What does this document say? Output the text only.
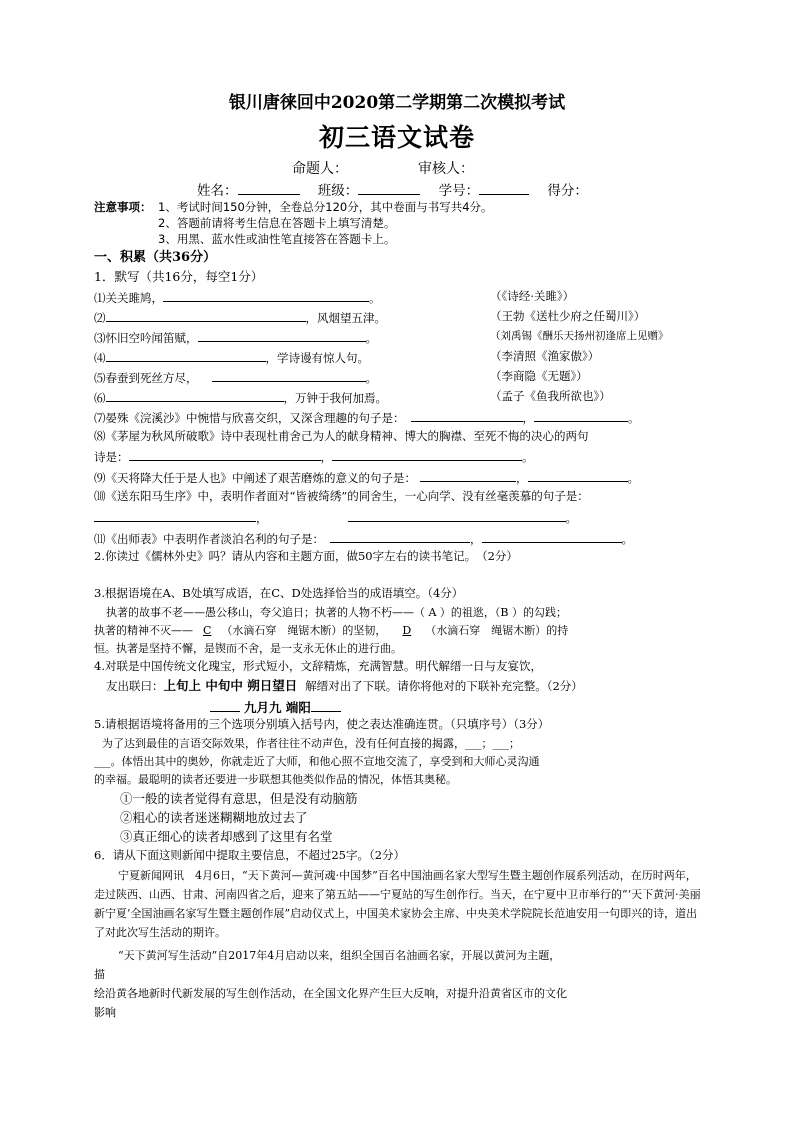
银川唐徕回中2020第二学期第二次模拟考试
初三语文试卷
命题人：	审核人：
姓名：	班级：	学号：	得分：
注意事项： 1、考试时间150分钟，全卷总分120分，其中卷面与书写共4分。
2、答题前请将考生信息在答题卡上填写清楚。
3、用黑、蓝水性或油性笔直接答在答题卡上。
一、积累（共36分）
1．默写（共16分，每空1分）
⑴关关雎鸠，	。	（《诗经·关雎》）
⑵	，风烟望五津。	（王勃《送杜少府之任蜀川》）
⑶怀旧空吟闻笛赋，	。	（刘禹锡《酬乐天扬州初逢席上见赠》
⑷	，学诗谩有惊人句。	（李清照《渔家傲》）
⑸春蚕到死丝方尽，	。	（李商隐《无题》）
⑹	，万钟于我何加焉。	（孟子《鱼我所欲也》）
⑺晏殊《浣溪沙》中惋惜与欣喜交织，又深含理趣的句子是：	，	。
⑻《茅屋为秋风所破歌》诗中表现杜甫舍己为人的献身精神、博大的胸襟、至死不悔的决心的两句
诗是：	，	。
⑼《天将降大任于是人也》中阐述了艰苦磨炼的意义的句子是：	，	。
⑽《送东阳马生序》中，表明作者面对“皆被绮绣”的同舍生，一心向学、没有丝毫羡慕的句子是：
，	。
⑾《出师表》中表明作者淡泊名利的句子是：	，	。
2.你读过《儒林外史》吗？请从内容和主题方面，做50字左右的读书笔记。　（2分）
3.根据语境在A、B处填写成语，在C、D处选择恰当的成语填空。（4分）
执著的故事不老——愚公移山，夸父追日；执著的人物不朽——（ A ）的祖逖，（B ）的勾践；
执著的精神不灭—— C （水滴石穿　绳锯木断）的坚韧， D （水滴石穿　绳锯木断）的持
恒。执著是坚持不懈，是锲而不舍，是一支永无休止的进行曲。
4.对联是中国传统文化瑰宝，形式短小，文辞精炼，充满智慧。明代解缙一日与友宴饮，
友出联曰：上旬上 中旬中 朔日望日 解缙对出了下联。请你将他对的下联补充完整。（2分）
九月九 端阳
5.请根据语境将备用的三个选项分别填入括号内，使之表达准确连贯。（只填序号）（3分）
为了达到最佳的言语交际效果，作者往往不动声色，没有任何直接的揭露，___；___；
___。体悟出其中的奥妙，你就走近了大师，和他心照不宣地交流了，享受到和大师心灵沟通
的幸福。最聪明的读者还要进一步联想其他类似作品的情况，体悟其奥秘。
①一般的读者觉得有意思，但是没有动脑筋
②粗心的读者迷迷糊糊地放过去了
③真正细心的读者却感到了这里有名堂
6．请从下面这则新闻中提取主要信息，不超过25字。（2分）
宁夏新闻网讯　4月6日，“天下黄河—黄河魂·中国梦”百名中国油画名家大型写生暨主题创作展系列活动，在历时两年，走过陕西、山西、甘肃、河南四省之后，迎来了第五站——宁夏站的写生创作行。当天，在宁夏中卫市举行的“‘天下黄河·美丽新宁夏’全国油画名家写生暨主题创作展”启动仪式上，中国美术家协会主席、中央美术学院院长范迪安用一句即兴的诗，道出了对此次写生活动的期许。
“天下黄河写生活动”自2017年4月启动以来，组织全国百名油画名家，开展以黄河为主题，
描
绘沿黄各地新时代新发展的写生创作活动，在全国文化界产生巨大反响，对提升沿黄省区市的文化
影响
